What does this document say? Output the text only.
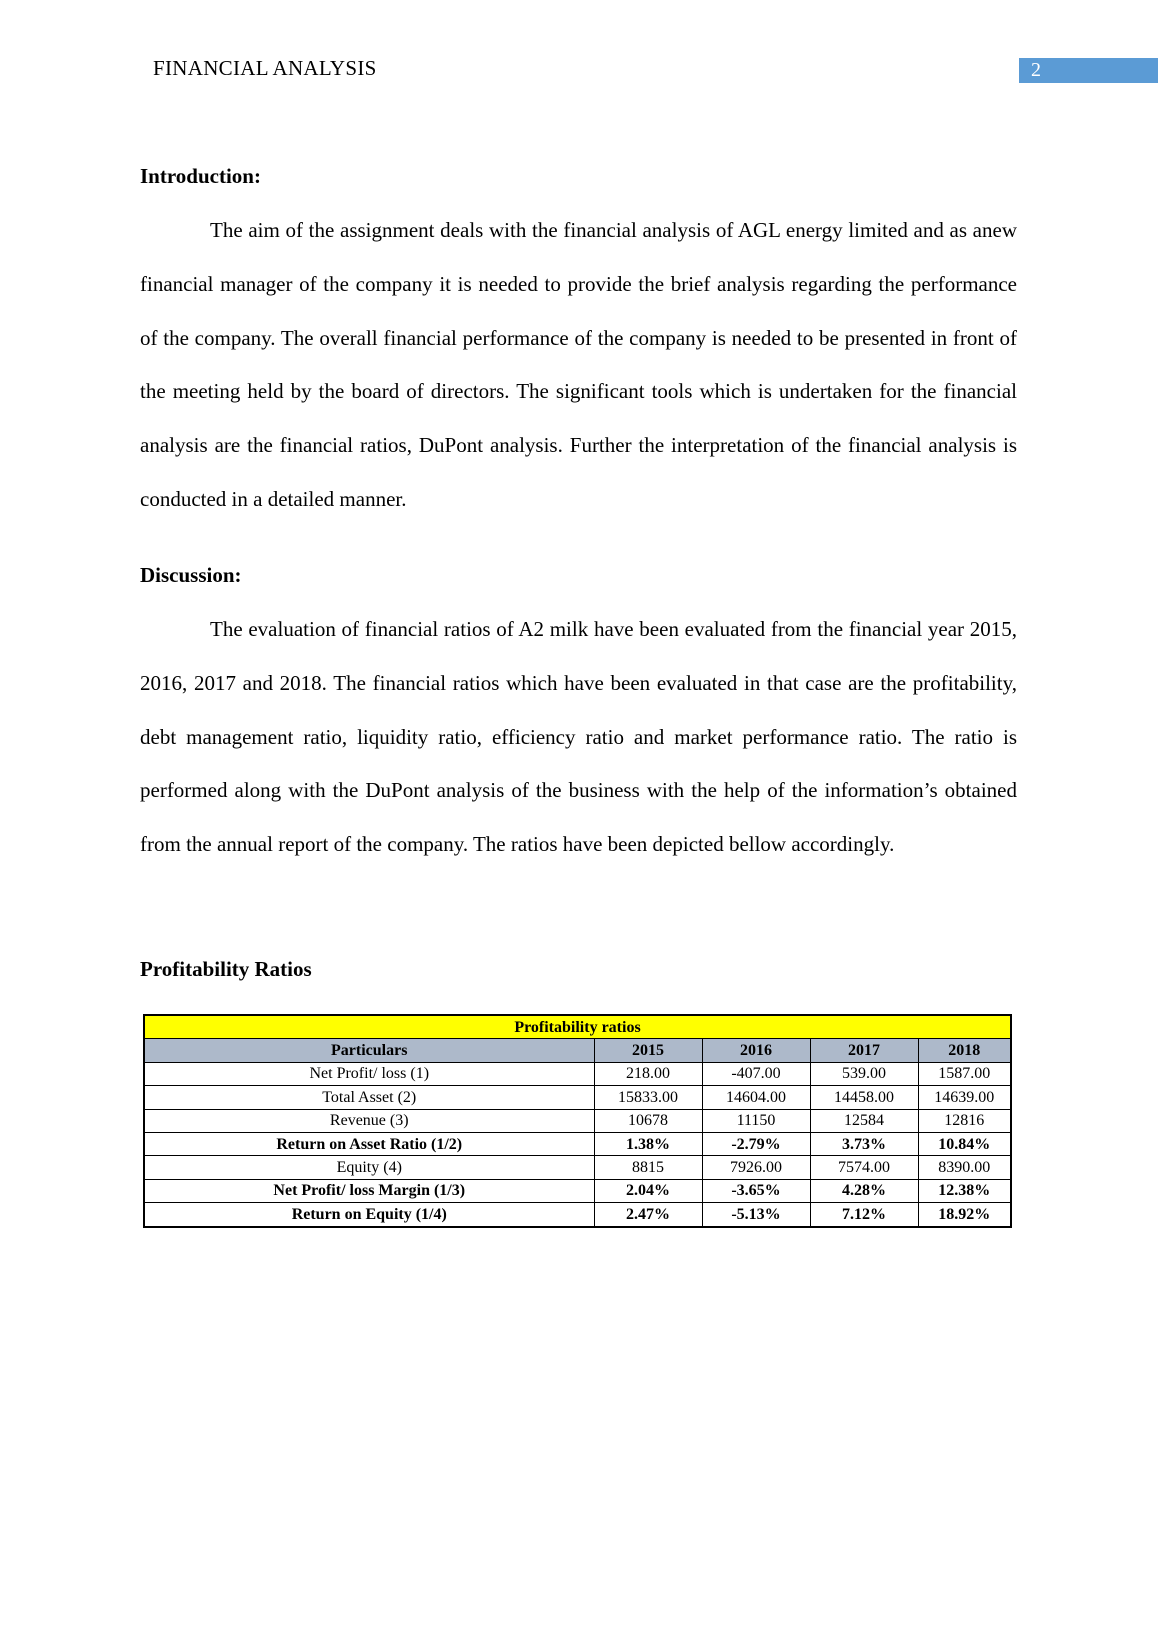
FINANCIAL ANALYSIS	2
Introduction:

The aim of the assignment deals with the financial analysis of AGL energy limited and as anew financial manager of the company it is needed to provide the brief analysis regarding the performance of the company. The overall financial performance of the company is needed to be presented in front of the meeting held by the board of directors. The significant tools which is undertaken for the financial analysis are the financial ratios, DuPont analysis. Further the interpretation of the financial analysis is conducted in a detailed manner.

Discussion:

The evaluation of financial ratios of A2 milk have been evaluated from the financial year 2015, 2016, 2017 and 2018. The financial ratios which have been evaluated in that case are the profitability, debt management ratio, liquidity ratio, efficiency ratio and market performance ratio. The ratio is performed along with the DuPont analysis of the business with the help of the information’s obtained from the annual report of the company. The ratios have been depicted bellow accordingly.

Profitability Ratios
Profitability ratios				
Particulars	2015	2016	2017	2018
Net Profit/ loss (1)	218.00	-407.00	539.00	1587.00
Total Asset (2)	15833.00	14604.00	14458.00	14639.00
Revenue (3)	10678	11150	12584	12816
Return on Asset Ratio (1/2)	1.38%	-2.79%	3.73%	10.84%
Equity (4)	8815	7926.00	7574.00	8390.00
Net Profit/ loss Margin (1/3)	2.04%	-3.65%	4.28%	12.38%
Return on Equity (1/4)	2.47%	-5.13%	7.12%	18.92%
